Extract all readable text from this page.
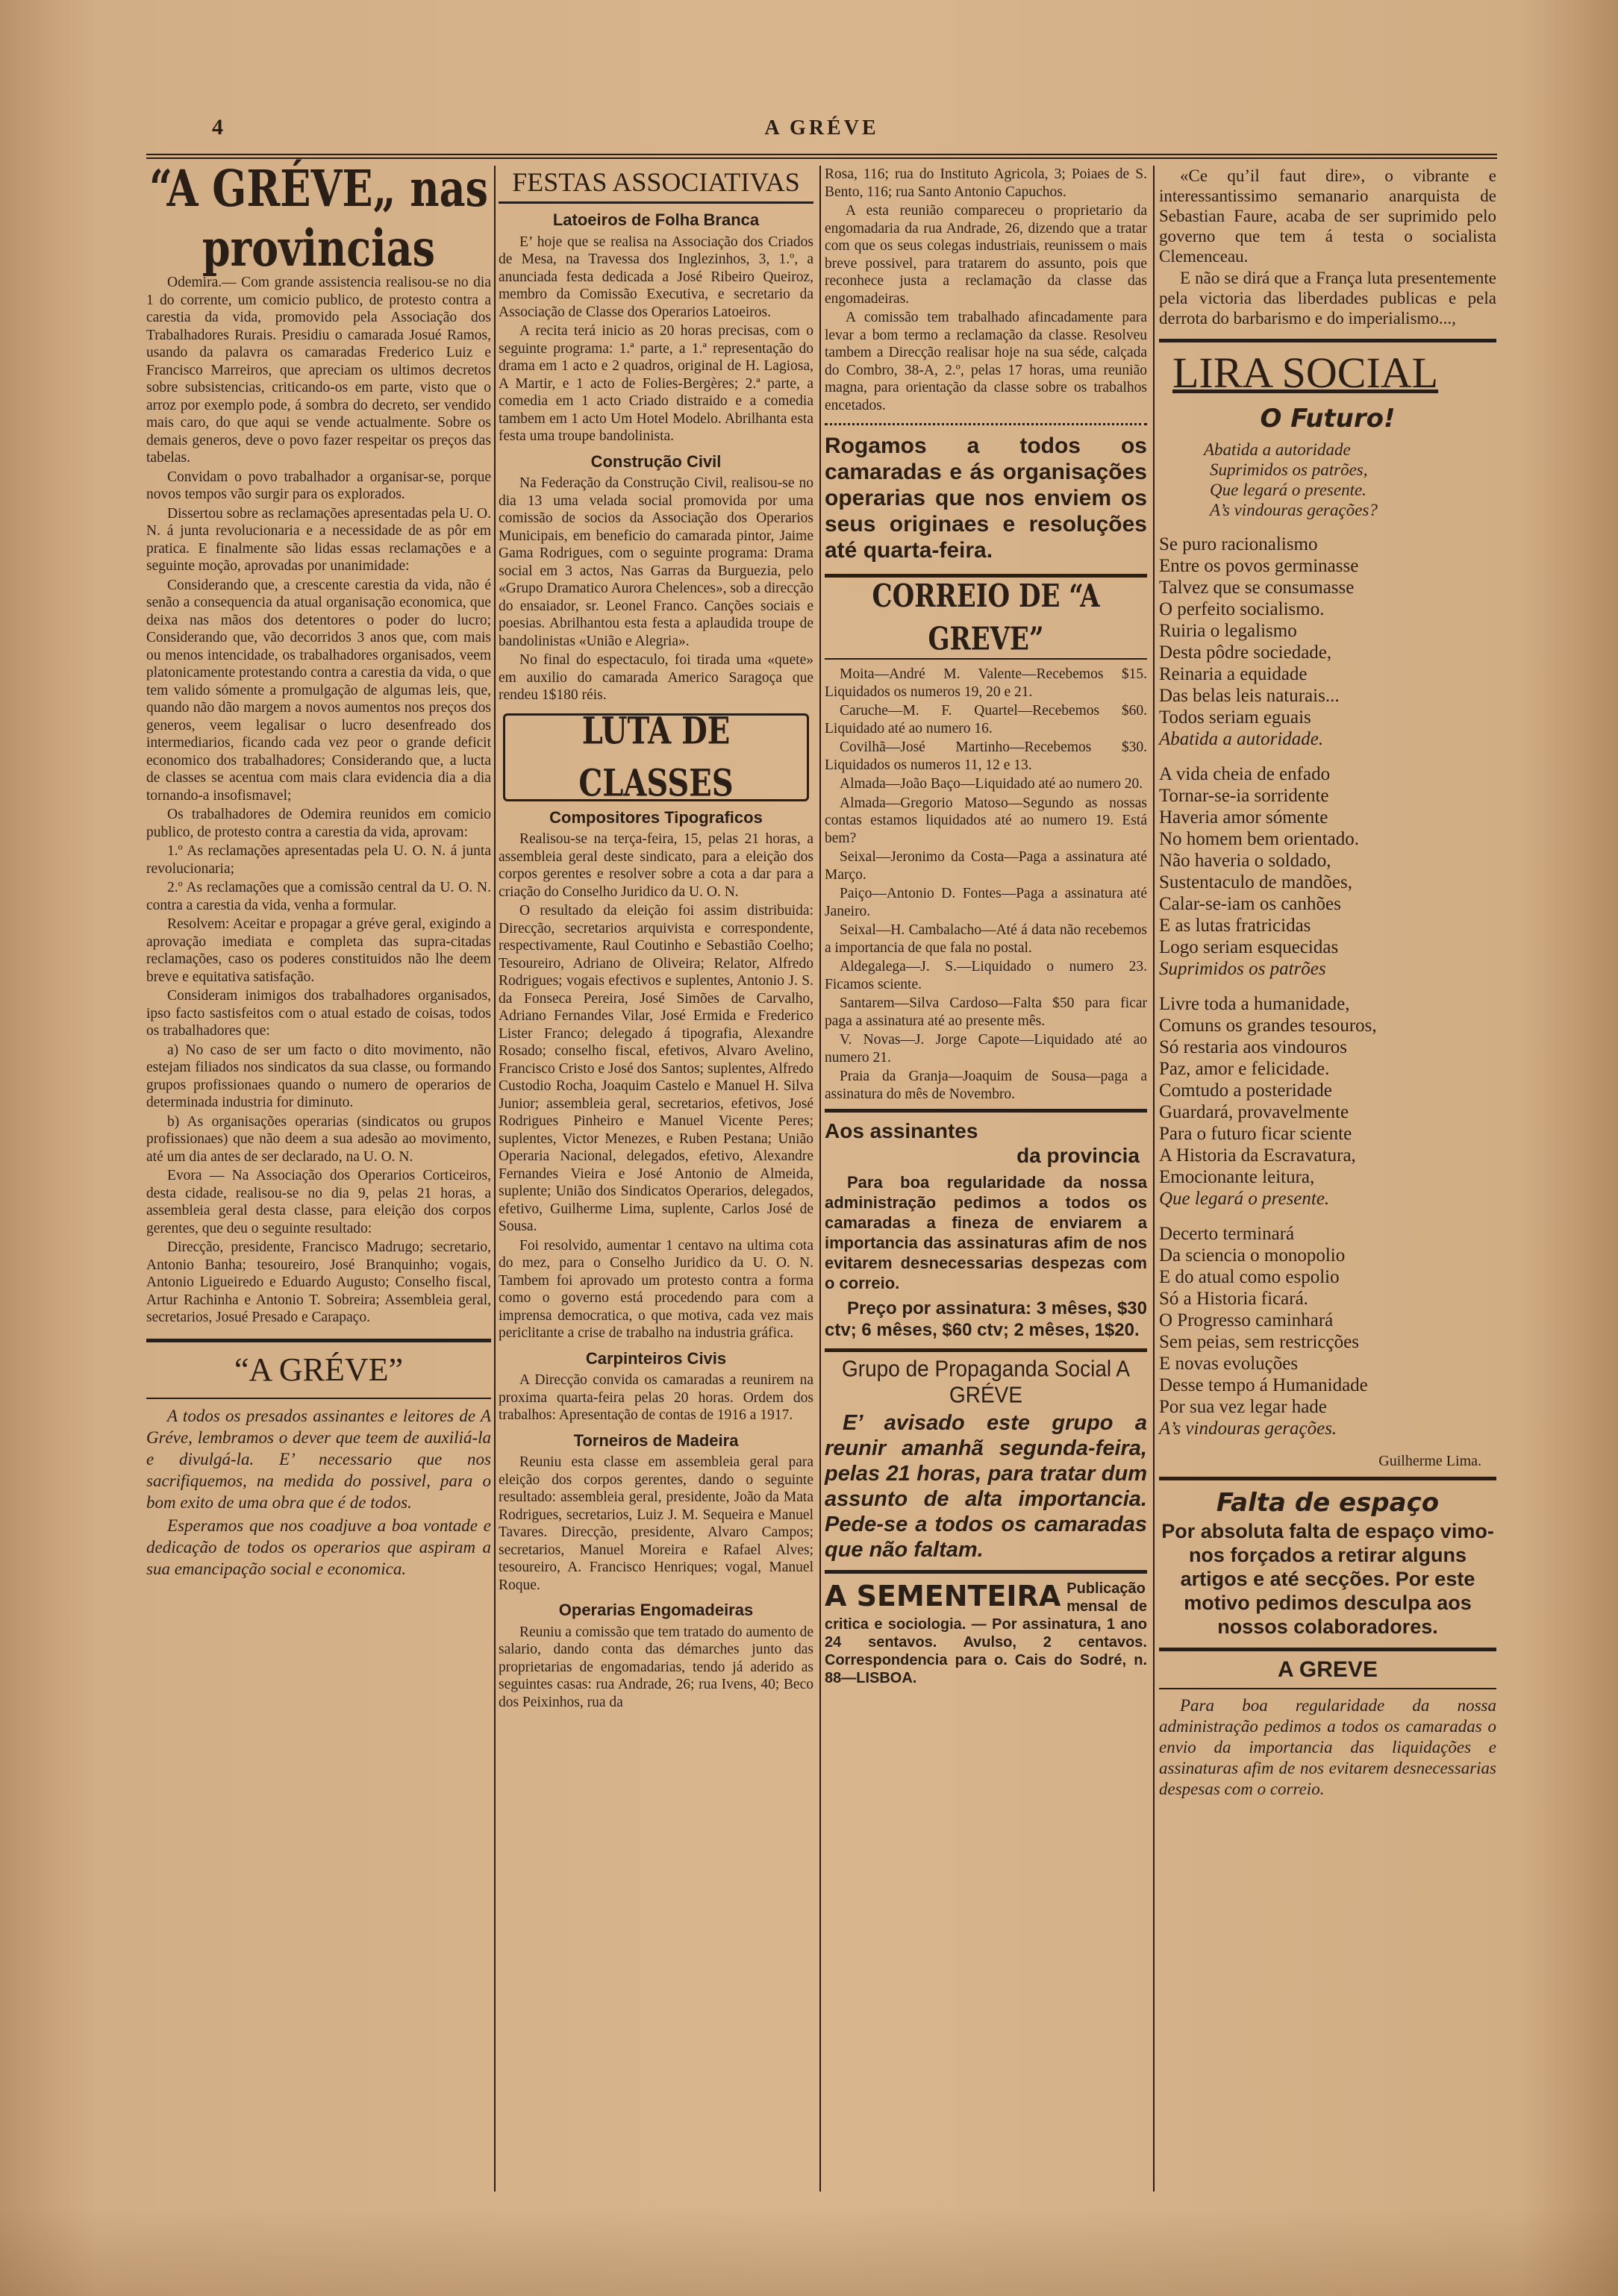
4	A GRÉVE
“A GRÉVE„ nas provincias

Odemira.— Com grande assistencia realisou-se no dia 1 do corrente, um comicio publico, de protesto contra a carestia da vida, promovido pela Associação dos Trabalhadores Rurais. Presidiu o camarada Josué Ramos, usando da palavra os camaradas Frederico Luiz e Francisco Marreiros, que apreciam os ultimos decretos sobre subsistencias, criticando-os em parte, visto que o arroz por exemplo pode, á sombra do decreto, ser vendido mais caro, do que aqui se vende actualmente. Sobre os demais generos, deve o povo fazer respeitar os preços das tabelas.

Convidam o povo trabalhador a organisar-se, porque novos tempos vão surgir para os explorados.

Dissertou sobre as reclamações apresentadas pela U. O. N. á junta revolucionaria e a necessidade de as pôr em pratica. E finalmente são lidas essas reclamações e a seguinte moção, aprovadas por unanimidade:

Considerando que, a crescente carestia da vida, não é senão a consequencia da atual organisação economica, que deixa nas mãos dos detentores o poder do lucro; Considerando que, vão decorridos 3 anos que, com mais ou menos intencidade, os trabalhadores organisados, veem platonicamente protestando contra a carestia da vida, o que tem valido sómente a promulgação de algumas leis, que, quando não dão margem a novos aumentos nos preços dos generos, veem legalisar o lucro desenfreado dos intermediarios, ficando cada vez peor o grande deficit economico dos trabalhadores; Considerando que, a lucta de classes se acentua com mais clara evidencia dia a dia tornando-a insofismavel;

Os trabalhadores de Odemira reunidos em comicio publico, de protesto contra a carestia da vida, aprovam:

1.º As reclamações apresentadas pela U. O. N. á junta revolucionaria;

2.º As reclamações que a comissão central da U. O. N. contra a carestia da vida, venha a formular.

Resolvem: Aceitar e propagar a gréve geral, exigindo a aprovação imediata e completa das supra-citadas reclamações, caso os poderes constituidos não lhe deem breve e equitativa satisfação.

Consideram inimigos dos trabalhadores organisados, ipso facto sastisfeitos com o atual estado de coisas, todos os trabalhadores que:

a) No caso de ser um facto o dito movimento, não estejam filiados nos sindicatos da sua classe, ou formando grupos profissionaes quando o numero de operarios de determinada industria for diminuto.

b) As organisações operarias (sindicatos ou grupos profissionaes) que não deem a sua adesão ao movimento, até um dia antes de ser declarado, na U. O. N.

Evora — Na Associação dos Operarios Corticeiros, desta cidade, realisou-se no dia 9, pelas 21 horas, a assembleia geral desta classe, para eleição dos corpos gerentes, que deu o seguinte resultado:

Direcção, presidente, Francisco Madrugo; secretario, Antonio Banha; tesoureiro, José Branquinho; vogais, Antonio Ligueiredo e Eduardo Augusto; Conselho fiscal, Artur Rachinha e Antonio T. Sobreira; Assembleia geral, secretarios, Josué Presado e Carapaço.

“A GRÉVE”

A todos os presados assinantes e leitores de A Gréve, lembramos o dever que teem de auxiliá-la e divulgá-la. E’ necessario que nos sacrifiquemos, na medida do possivel, para o bom exito de uma obra que é de todos.

Esperamos que nos coadjuve a boa vontade e dedicação de todos os operarios que aspiram a sua emancipação social e economica.

FESTAS ASSOCIATIVAS
Latoeiros de Folha Branca

E’ hoje que se realisa na Associação dos Criados de Mesa, na Travessa dos Inglezinhos, 3, 1.º, a anunciada festa dedicada a José Ribeiro Queiroz, membro da Comissão Executiva, e secretario da Associação de Classe dos Operarios Latoeiros.

A recita terá inicio as 20 horas precisas, com o seguinte programa: 1.ª parte, a 1.ª representação do drama em 1 acto e 2 quadros, original de H. Lagiosa, A Martir, e 1 acto de Folies-Bergères; 2.ª parte, a comedia em 1 acto Criado distraido e a comedia tambem em 1 acto Um Hotel Modelo. Abrilhanta esta festa uma troupe bandolinista.

Construção Civil

Na Federação da Construção Civil, realisou-se no dia 13 uma velada social promovida por uma comissão de socios da Associação dos Operarios Municipais, em beneficio do camarada pintor, Jaime Gama Rodrigues, com o seguinte programa: Drama social em 3 actos, Nas Garras da Burguezia, pelo «Grupo Dramatico Aurora Chelences», sob a direcção do ensaiador, sr. Leonel Franco. Canções sociais e poesias. Abrilhantou esta festa a aplaudida troupe de bandolinistas «União e Alegria».

No final do espectaculo, foi tirada uma «quete» em auxilio do camarada Americo Saragoça que rendeu 1$180 réis.

LUTA DE CLASSES
Compositores Tipograficos

Realisou-se na terça-feira, 15, pelas 21 horas, a assembleia geral deste sindicato, para a eleição dos corpos gerentes e resolver sobre a cota a dar para a criação do Conselho Juridico da U. O. N.

O resultado da eleição foi assim distribuida: Direcção, secretarios arquivista e correspondente, respectivamente, Raul Coutinho e Sebastião Coelho; Tesoureiro, Adriano de Oliveira; Relator, Alfredo Rodrigues; vogais efectivos e suplentes, Antonio J. S. da Fonseca Pereira, José Simões de Carvalho, Adriano Fernandes Vilar, José Ermida e Frederico Lister Franco; delegado á tipografia, Alexandre Rosado; conselho fiscal, efetivos, Alvaro Avelino, Francisco Cristo e José dos Santos; suplentes, Alfredo Custodio Rocha, Joaquim Castelo e Manuel H. Silva Junior; assembleia geral, secretarios, efetivos, José Rodrigues Pinheiro e Manuel Vicente Peres; suplentes, Victor Menezes, e Ruben Pestana; União Operaria Nacional, delegados, efetivo, Alexandre Fernandes Vieira e José Antonio de Almeida, suplente; União dos Sindicatos Operarios, delegados, efetivo, Guilherme Lima, suplente, Carlos José de Sousa.

Foi resolvido, aumentar 1 centavo na ultima cota do mez, para o Conselho Juridico da U. O. N. Tambem foi aprovado um protesto contra a forma como o governo está procedendo para com a imprensa democratica, o que motiva, cada vez mais periclitante a crise de trabalho na industria gráfica.

Carpinteiros Civis

A Direcção convida os camaradas a reunirem na proxima quarta-feira pelas 20 horas. Ordem dos trabalhos: Apresentação de contas de 1916 a 1917.

Torneiros de Madeira

Reuniu esta classe em assembleia geral para eleição dos corpos gerentes, dando o seguinte resultado: assembleia geral, presidente, João da Mata Rodrigues, secretarios, Luiz J. M. Sequeira e Manuel Tavares. Direcção, presidente, Alvaro Campos; secretarios, Manuel Moreira e Rafael Alves; tesoureiro, A. Francisco Henriques; vogal, Manuel Roque.

Operarias Engomadeiras

Reuniu a comissão que tem tratado do aumento de salario, dando conta das démarches junto das proprietarias de engomadarias, tendo já aderido as seguintes casas: rua Andrade, 26; rua Ivens, 40; Beco dos Peixinhos, rua da

Rosa, 116; rua do Instituto Agricola, 3; Poiaes de S. Bento, 116; rua Santo Antonio Capuchos.

A esta reunião compareceu o proprietario da engomadaria da rua Andrade, 26, dizendo que a tratar com que os seus colegas industriais, reunissem o mais breve possivel, para tratarem do assunto, pois que reconhece justa a reclamação da classe das engomadeiras.

A comissão tem trabalhado afincadamente para levar a bom termo a reclamação da classe. Resolveu tambem a Direcção realisar hoje na sua séde, calçada do Combro, 38-A, 2.º, pelas 17 horas, uma reunião magna, para orientação da classe sobre os trabalhos encetados.

Rogamos a todos os camaradas e ás organisações operarias que nos enviem os seus originaes e resoluções até quarta-feira.
CORREIO DE “A GREVE”

Moita—André M. Valente—Recebemos $15. Liquidados os numeros 19, 20 e 21.

Caruche—M. F. Quartel—Recebemos $60. Liquidado até ao numero 16.

Covilhã—José Martinho—Recebemos $30. Liquidados os numeros 11, 12 e 13.

Almada—João Baço—Liquidado até ao numero 20.

Almada—Gregorio Matoso—Segundo as nossas contas estamos liquidados até ao numero 19. Está bem?

Seixal—Jeronimo da Costa—Paga a assinatura até Março.

Paiço—Antonio D. Fontes—Paga a assinatura até Janeiro.

Seixal—H. Cambalacho—Até á data não recebemos a importancia de que fala no postal.

Aldegalega—J. S.—Liquidado o numero 23. Ficamos sciente.

Santarem—Silva Cardoso—Falta $50 para ficar paga a assinatura até ao presente mês.

V. Novas—J. Jorge Capote—Liquidado até ao numero 21.

Praia da Granja—Joaquim de Sousa—paga a assinatura do mês de Novembro.

Aos assinantes
da provincia
Para boa regularidade da nossa administração pedimos a todos os camaradas a fineza de enviarem a importancia das assinaturas afim de nos evitarem desnecessarias despezas com o correio.
Preço por assinatura: 3 mêses, $30 ctv; 6 mêses, $60 ctv; 2 mêses, 1$20.
Grupo de Propaganda Social A GRÉVE
E’ avisado este grupo a reunir amanhã segunda-feira, pelas 21 horas, para tratar dum assunto de alta importancia. Pede-se a todos os camaradas que não faltam.
A SEMENTEIRA Publicação mensal de critica e sociologia. — Por assinatura, 1 ano 24 sentavos. Avulso, 2 centavos. Correspondencia para o. Cais do Sodré, n. 88—LISBOA.

«Ce qu’il faut dire», o vibrante e interessantissimo semanario anarquista de Sebastian Faure, acaba de ser suprimido pelo governo que tem á testa o socialista Clemenceau.

E não se dirá que a França luta presentemente pela victoria das liberdades publicas e pela derrota do barbarismo e do imperialismo...,

LIRA SOCIAL
O Futuro!
Abatida a autoridade
Suprimidos os patrões,
Que legará o presente.
A’s vindouras gerações?
Se puro racionalismo
Entre os povos germinasse
Talvez que se consumasse
O perfeito socialismo.
Ruiria o legalismo
Desta pôdre sociedade,
Reinaria a equidade
Das belas leis naturais...
Todos seriam eguais
Abatida a autoridade.
A vida cheia de enfado
Tornar-se-ia sorridente
Haveria amor sómente
No homem bem orientado.
Não haveria o soldado,
Sustentaculo de mandões,
Calar-se-iam os canhões
E as lutas fratricidas
Logo seriam esquecidas
Suprimidos os patrões
Livre toda a humanidade,
Comuns os grandes tesouros,
Só restaria aos vindouros
Paz, amor e felicidade.
Comtudo a posteridade
Guardará, provavelmente
Para o futuro ficar sciente
A Historia da Escravatura,
Emocionante leitura,
Que legará o presente.
Decerto terminará
Da sciencia o monopolio
E do atual como espolio
Só a Historia ficará.
O Progresso caminhará
Sem peias, sem restricções
E novas evoluções
Desse tempo á Humanidade
Por sua vez legar hade
A’s vindouras gerações.
Guilherme Lima.
Falta de espaço
Por absoluta falta de espaço vimo-nos forçados a retirar alguns artigos e até secções. Por este motivo pedimos desculpa aos nossos colaboradores.
A GREVE

Para boa regularidade da nossa administração pedimos a todos os camaradas o envio da importancia das liquidações e assinaturas afim de nos evitarem desnecessarias despesas com o correio.
